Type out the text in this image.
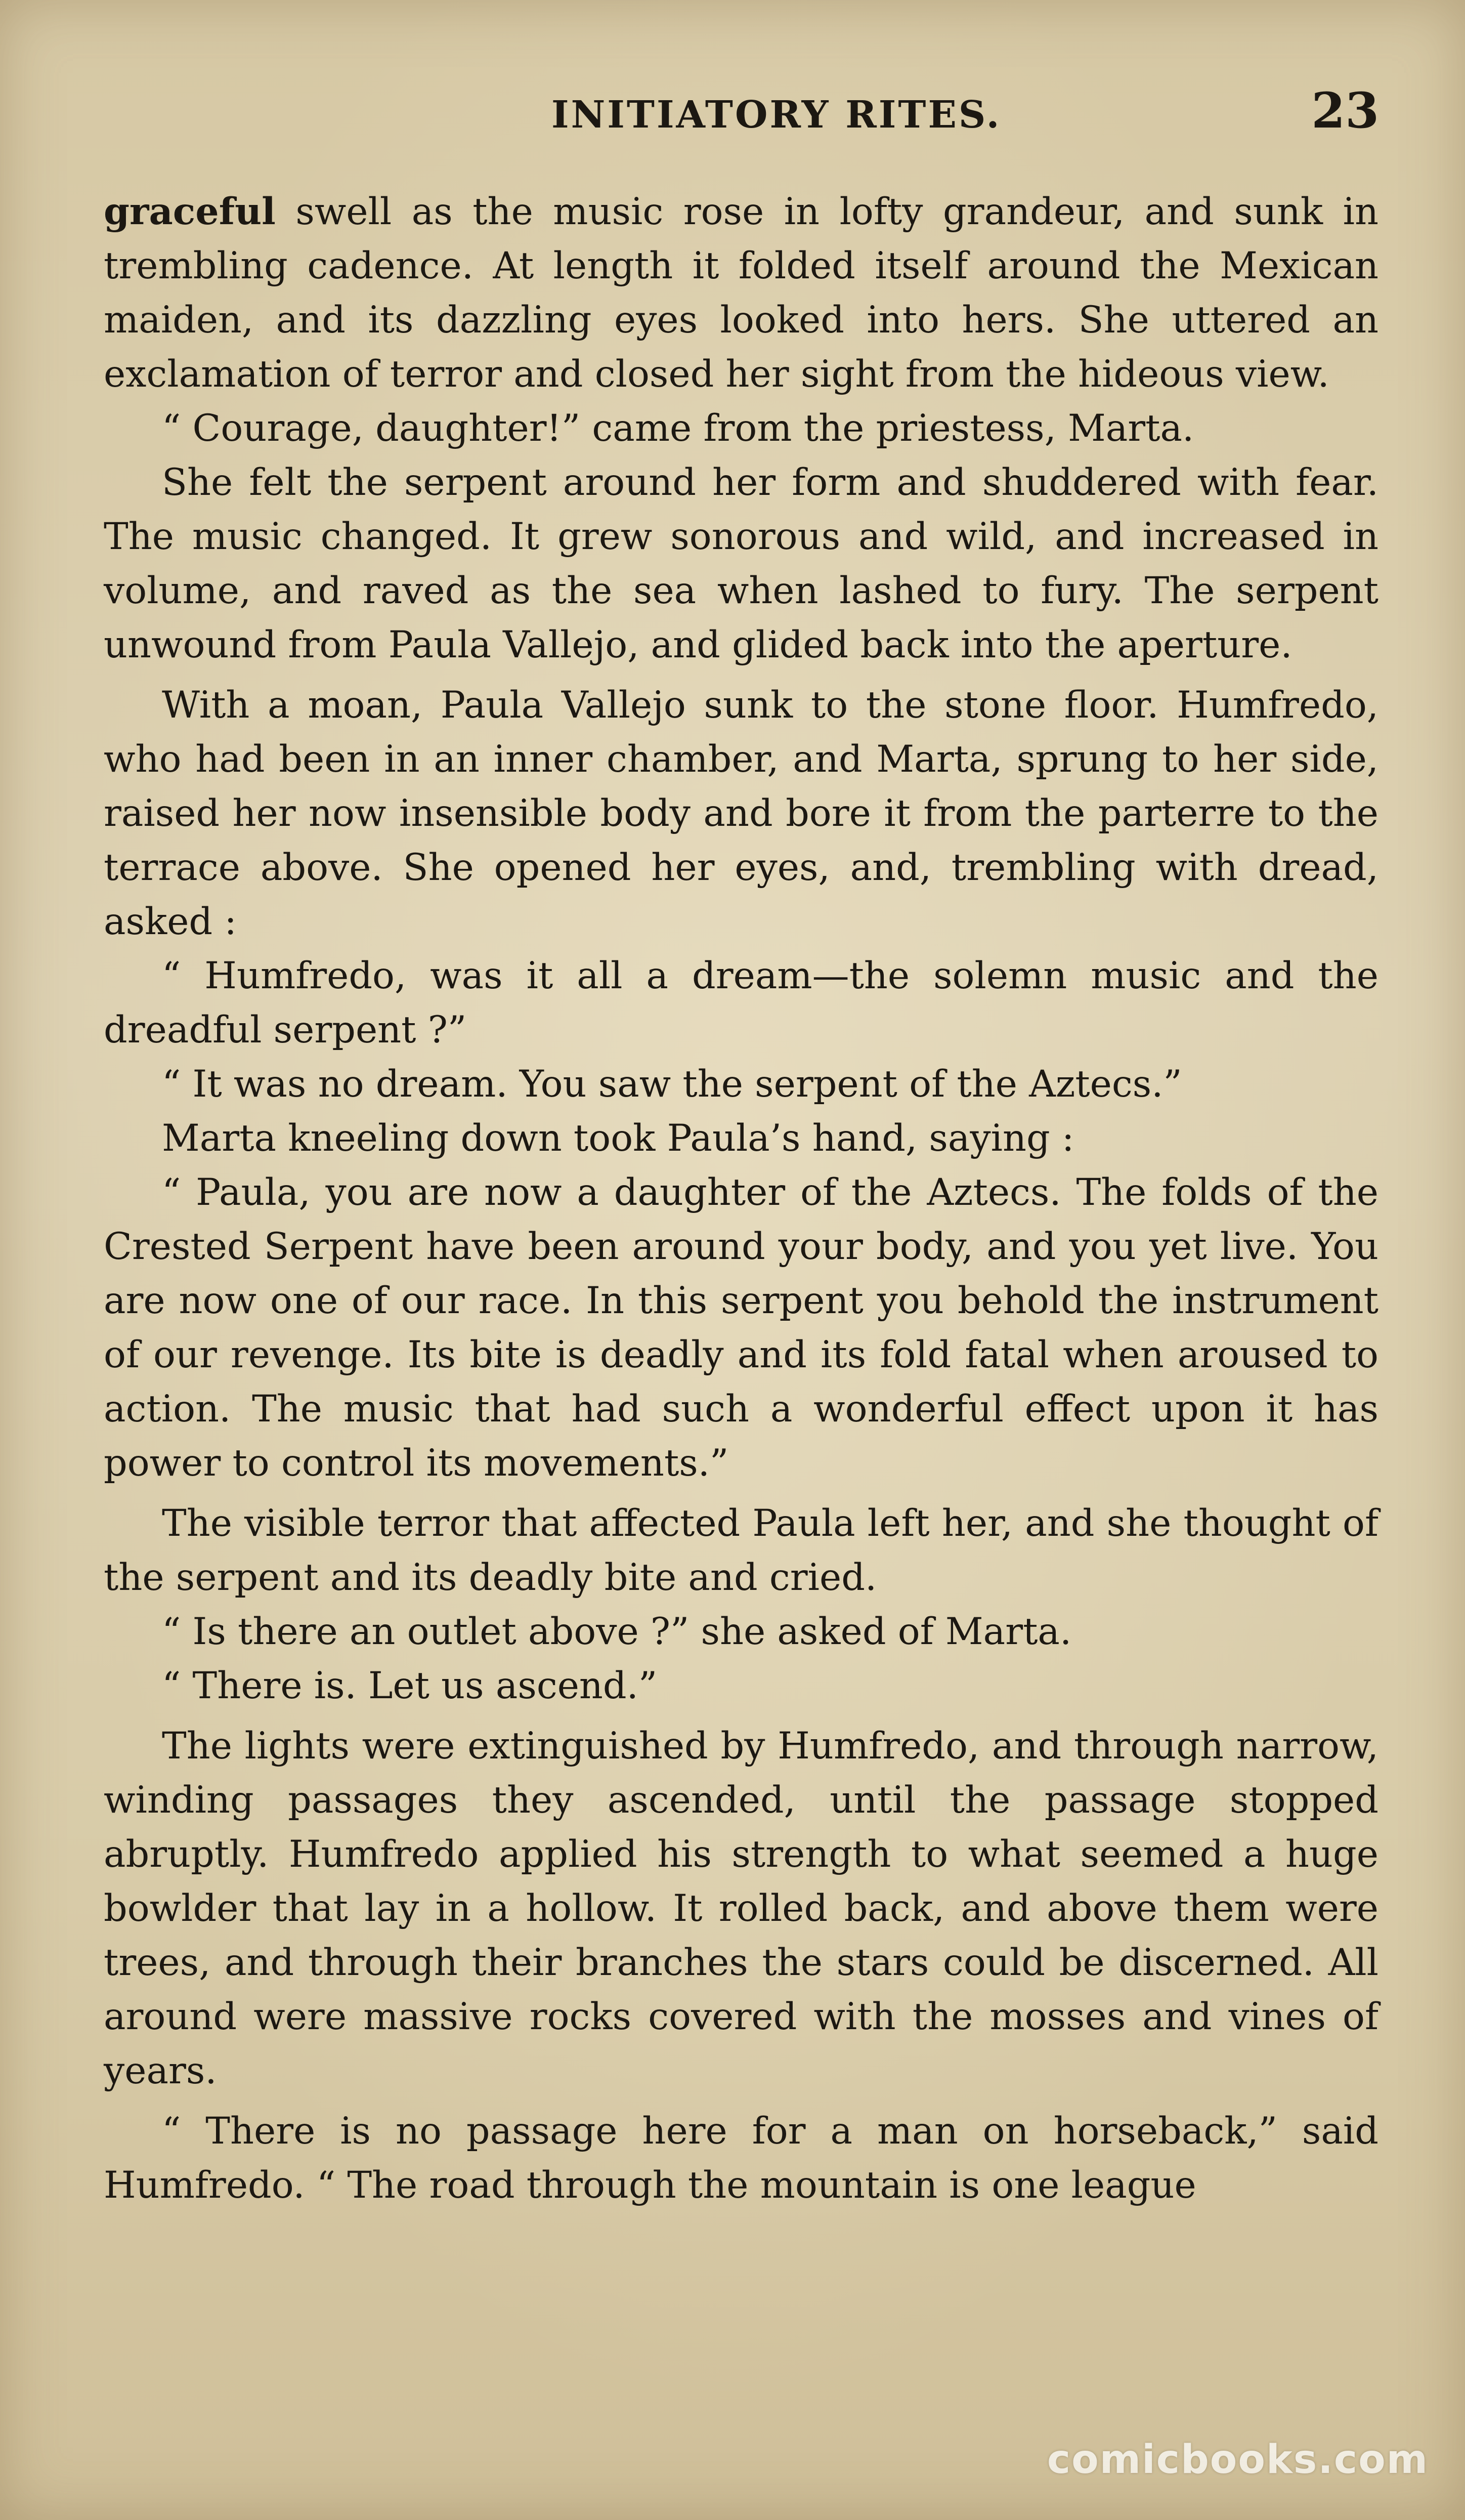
INITIATORY RITES.	23

graceful swell as the music rose in lofty grandeur, and sunk in trembling cadence. At length it folded itself around the Mexican maiden, and its dazzling eyes looked into hers. She uttered an exclamation of terror and closed her sight from the hideous view.

“ Courage, daughter!” came from the priestess, Marta.

She felt the serpent around her form and shuddered with fear. The music changed. It grew sonorous and wild, and increased in volume, and raved as the sea when lashed to fury. The serpent unwound from Paula Vallejo, and glided back into the aperture.

With a moan, Paula Vallejo sunk to the stone floor. Humfredo, who had been in an inner chamber, and Marta, sprung to her side, raised her now insensible body and bore it from the parterre to the terrace above. She opened her eyes, and, trembling with dread, asked :

“ Humfredo, was it all a dream—the solemn music and the dreadful serpent ?”

“ It was no dream. You saw the serpent of the Aztecs.”

Marta kneeling down took Paula’s hand, saying :

“ Paula, you are now a daughter of the Aztecs. The folds of the Crested Serpent have been around your body, and you yet live. You are now one of our race. In this serpent you behold the instrument of our revenge. Its bite is deadly and its fold fatal when aroused to action. The music that had such a wonderful effect upon it has power to control its movements.”

The visible terror that affected Paula left her, and she thought of the serpent and its deadly bite and cried.

“ Is there an outlet above ?” she asked of Marta.

“ There is. Let us ascend.”

The lights were extinguished by Humfredo, and through narrow, winding passages they ascended, until the passage stopped abruptly. Humfredo applied his strength to what seemed a huge bowlder that lay in a hollow. It rolled back, and above them were trees, and through their branches the stars could be discerned. All around were massive rocks covered with the mosses and vines of years.

“ There is no passage here for a man on horseback,” said Humfredo. “ The road through the mountain is one league

comicbooks.com
